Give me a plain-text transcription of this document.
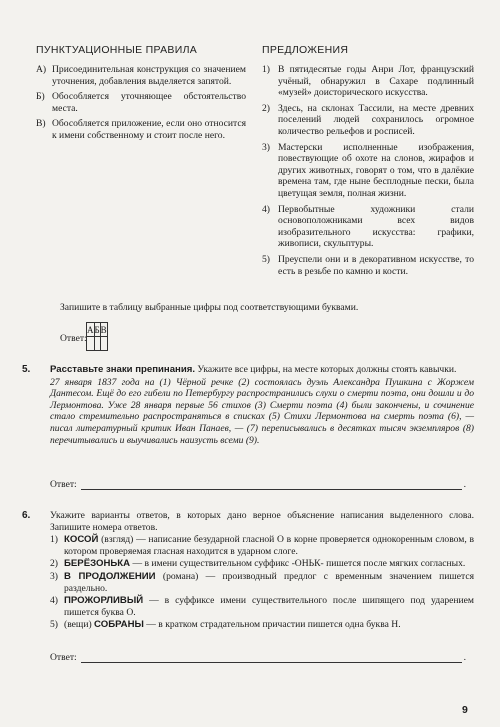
ПУНКТУАЦИОННЫЕ ПРАВИЛА	ПРЕДЛОЖЕНИЯ
А) Присоединительная конструкция со значением уточнения, добавления выделяется запятой.
Б) Обособляется уточняющее обстоятельство места.
В) Обособляется приложение, если оно относится к имени собственному и стоит после него.
1) В пятидесятые годы Анри Лот, французский учёный, обнаружил в Сахаре подлинный «музей» доисторического искусства.
2) Здесь, на склонах Тассили, на месте древних поселений людей сохранилось огромное количество рельефов и росписей.
3) Мастерски исполненные изображения, повествующие об охоте на слонов, жирафов и других животных, говорят о том, что в далёкие времена там, где ныне бесплодные пески, была цветущая земля, полная жизни.
4) Первобытные художники стали основоположниками всех видов изобразительного искусства: графики, живописи, скульптуры.
5) Преуспели они и в декоративном искусстве, то есть в резьбе по камню и кости.
Запишите в таблицу выбранные цифры под соответствующими буквами.
Ответ:
А	Б	В

5. Расставьте знаки препинания. Укажите все цифры, на месте которых должны стоять кавычки.
27 января 1837 года на (1) Чёрной речке (2) состоялась дуэль Александра Пушкина с Жоржем Дантесом. Ещё до его гибели по Петербургу распространились слухи о смерти поэта, они дошли и до Лермонтова. Уже 28 января первые 56 стихов (3) Смерти поэта (4) были закончены, и сочинение стало стремительно распространяться в списках (5) Стихи Лермонтова на смерть поэта (6), — писал литературный критик Иван Панаев, — (7) переписывались в десятках тысяч экземпляров (8) перечитывались и выучивались наизусть всеми (9).
Ответ:	.
6. Укажите варианты ответов, в которых дано верное объяснение написания выделенного слова. Запишите номера ответов.
1) КОСОЙ (взгляд) — написание безударной гласной О в корне проверяется однокоренным словом, в котором проверяемая гласная находится в ударном слоге.
2) БЕРЁЗОНЬКА — в имени существительном суффикс -ОНЬК- пишется после мягких согласных.
3) В ПРОДОЛЖЕНИИ (романа) — производный предлог с временным значением пишется раздельно.
4) ПРОЖОРЛИВЫЙ — в суффиксе имени существительного после шипящего под ударением пишется буква О.
5) (вещи) СОБРАНЫ — в кратком страдательном причастии пишется одна буква Н.
Ответ:	.
9
